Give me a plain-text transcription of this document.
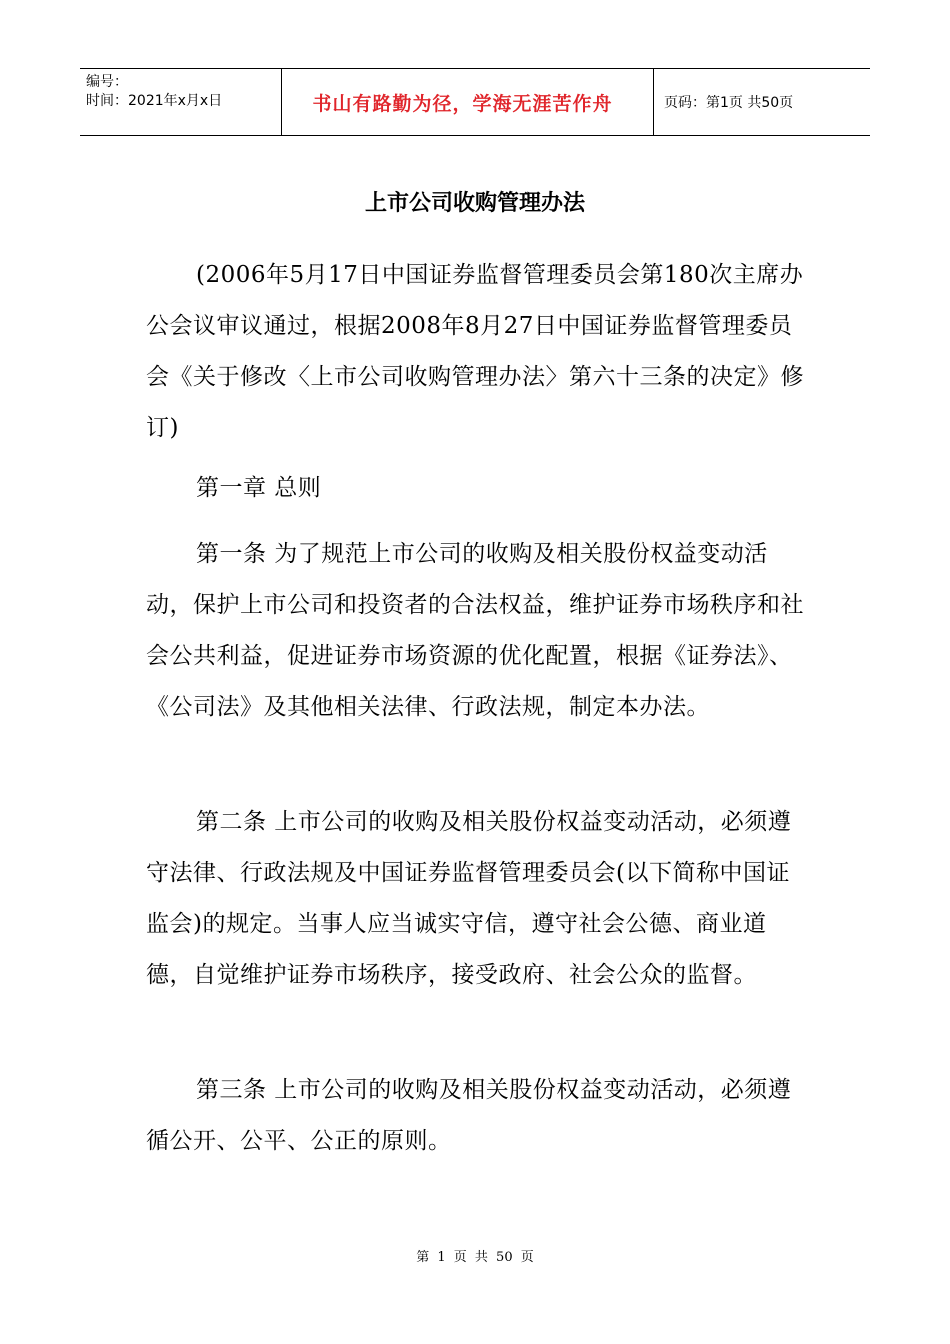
编号：
时间：2021年x月x日	书山有路勤为径，学海无涯苦作舟	页码：第1页 共50页
上市公司收购管理办法

(2006年5月17日中国证券监督管理委员会第180次主席办公会议审议通过，根据2008年8月27日中国证券监督管理委员会《关于修改〈上市公司收购管理办法〉第六十三条的决定》修订)

第一章 总则

第一条 为了规范上市公司的收购及相关股份权益变动活动，保护上市公司和投资者的合法权益，维护证券市场秩序和社会公共利益，促进证券市场资源的优化配置，根据《证券法》、《公司法》及其他相关法律、行政法规，制定本办法。

第二条 上市公司的收购及相关股份权益变动活动，必须遵守法律、行政法规及中国证券监督管理委员会(以下简称中国证监会)的规定。当事人应当诚实守信，遵守社会公德、商业道德，自觉维护证券市场秩序，接受政府、社会公众的监督。

第三条 上市公司的收购及相关股份权益变动活动，必须遵循公开、公平、公正的原则。

第 1 页 共 50 页
